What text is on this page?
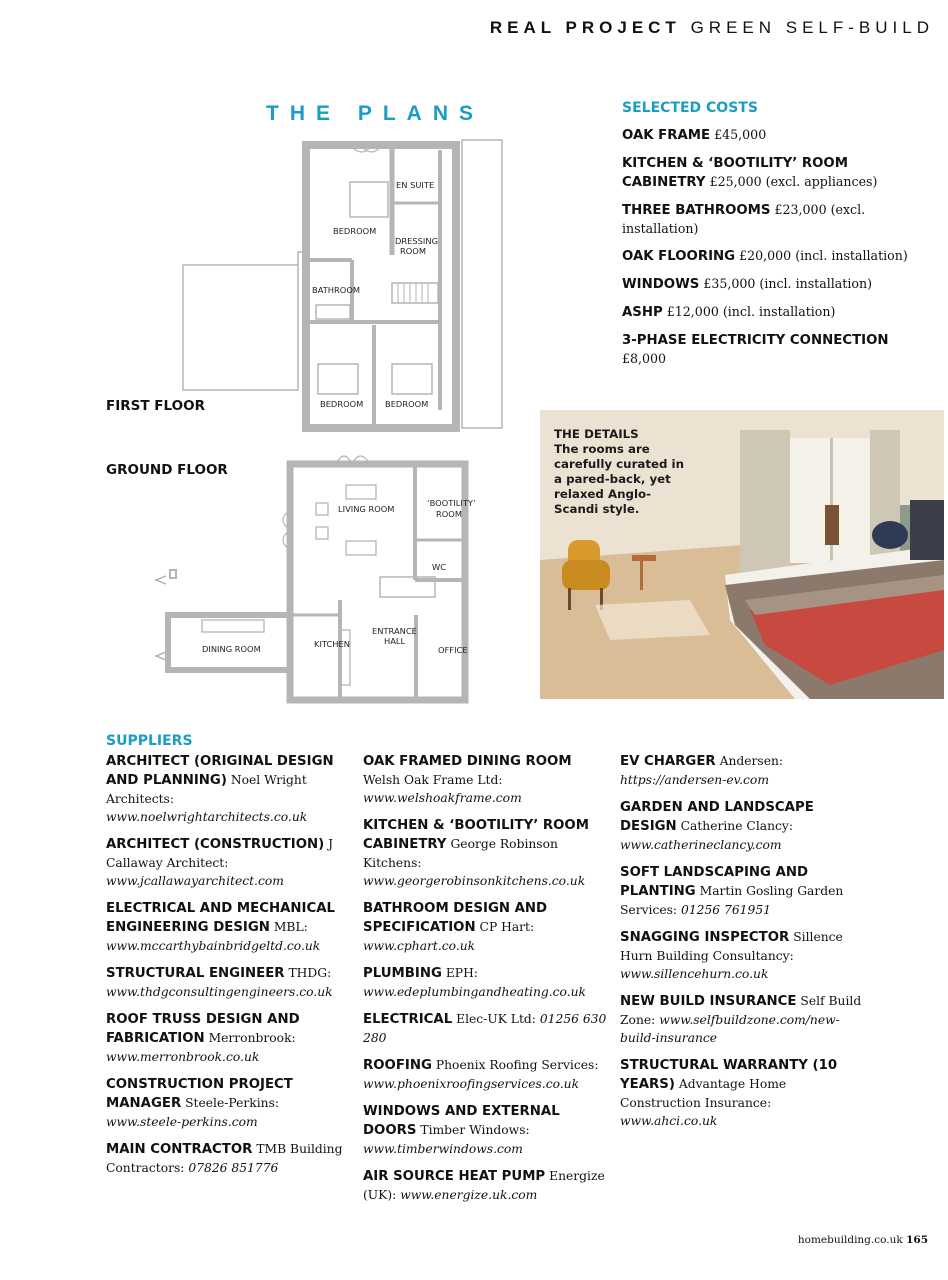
REAL PROJECT GREEN SELF-BUILD
THE PLANS
FIRST FLOOR
GROUND FLOOR
EN SUITE
BEDROOM
DRESSING
ROOM
BATHROOM
BEDROOM	BEDROOM
LIVING ROOM
‘BOOTILITY’
ROOM
WC
KITCHEN
ENTRANCE
HALL
OFFICE
DINING ROOM
SELECTED COSTS

OAK FRAME £45,000

KITCHEN & ‘BOOTILITY’ ROOM CABINETRY £25,000 (excl. appliances)

THREE BATHROOMS £23,000 (excl. installation)

OAK FLOORING £20,000 (incl. installation)

WINDOWS £35,000 (incl. installation)

ASHP £12,000 (incl. installation)

3-PHASE ELECTRICITY CONNECTION £8,000

THE DETAILS
The rooms are carefully curated in a pared-back, yet relaxed Anglo-Scandi style.
SUPPLIERS

ARCHITECT (ORIGINAL DESIGN AND PLANNING) Noel Wright Architects: www.noelwrightarchitects.co.uk

ARCHITECT (CONSTRUCTION) J Callaway Architect: www.jcallawayarchitect.com

ELECTRICAL AND MECHANICAL ENGINEERING DESIGN MBL: www.mccarthybainbridgeltd.co.uk

STRUCTURAL ENGINEER THDG: www.thdgconsultingengineers.co.uk

ROOF TRUSS DESIGN AND FABRICATION Merronbrook: www.merronbrook.co.uk

CONSTRUCTION PROJECT MANAGER Steele-Perkins: www.steele-perkins.com

MAIN CONTRACTOR TMB Building Contractors: 07826 851776

OAK FRAMED DINING ROOM Welsh Oak Frame Ltd: www.welshoakframe.com

KITCHEN & ‘BOOTILITY’ ROOM CABINETRY George Robinson Kitchens: www.georgerobinsonkitchens.co.uk

BATHROOM DESIGN AND SPECIFICATION CP Hart: www.cphart.co.uk

PLUMBING EPH: www.edeplumbingandheating.co.uk

ELECTRICAL Elec-UK Ltd: 01256 630 280

ROOFING Phoenix Roofing Services: www.phoenixroofingservices.co.uk

WINDOWS AND EXTERNAL DOORS Timber Windows: www.timberwindows.com

AIR SOURCE HEAT PUMP Energize (UK): www.energize.uk.com

EV CHARGER Andersen: https://andersen-ev.com

GARDEN AND LANDSCAPE DESIGN Catherine Clancy: www.catherineclancy.com

SOFT LANDSCAPING AND PLANTING Martin Gosling Garden Services: 01256 761951

SNAGGING INSPECTOR Sillence Hurn Building Consultancy: www.sillencehurn.co.uk

NEW BUILD INSURANCE Self Build Zone: www.selfbuildzone.com/new-build-insurance

STRUCTURAL WARRANTY (10 YEARS) Advantage Home Construction Insurance: www.ahci.co.uk

homebuilding.co.uk 165
